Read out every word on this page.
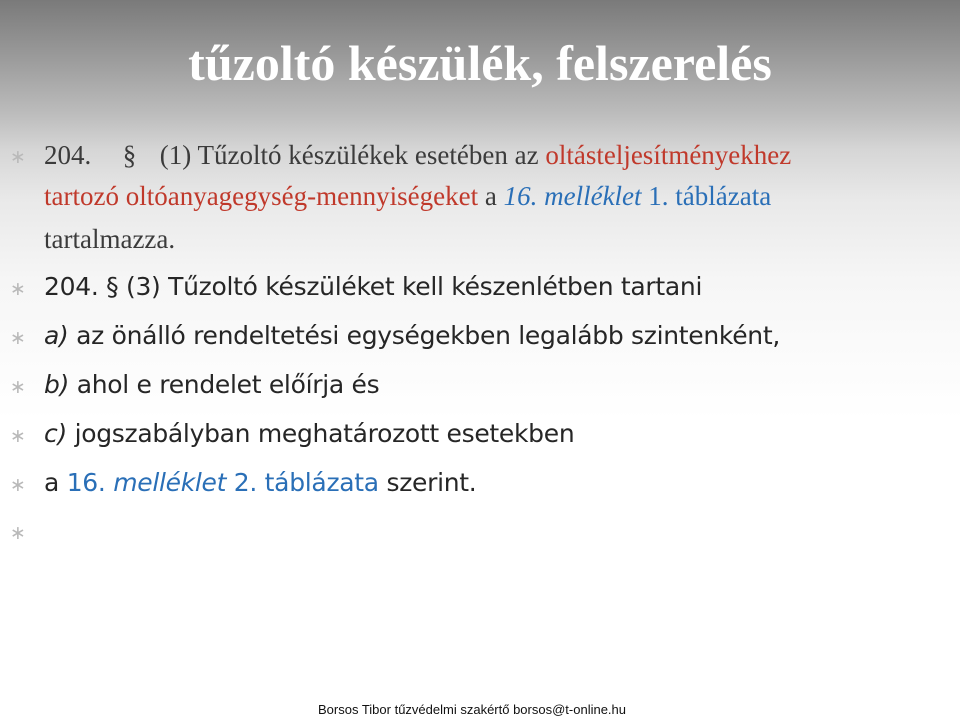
tűzoltó készülék, felszerelés
∗ 204. § (1) Tűzoltó készülékek esetében az oltásteljesítményekhez
tartozó oltóanyagegység-mennyiségeket a 16. melléklet 1. táblázata
tartalmazza.
∗ 204. § (3) Tűzoltó készüléket kell készenlétben tartani
∗ a) az önálló rendeltetési egységekben legalább szintenként,
∗ b) ahol e rendelet előírja és
∗ c) jogszabályban meghatározott esetekben
∗ a 16. melléklet 2. táblázata szerint.
∗
Borsos Tibor tűzvédelmi szakértő borsos@t-online.hu
